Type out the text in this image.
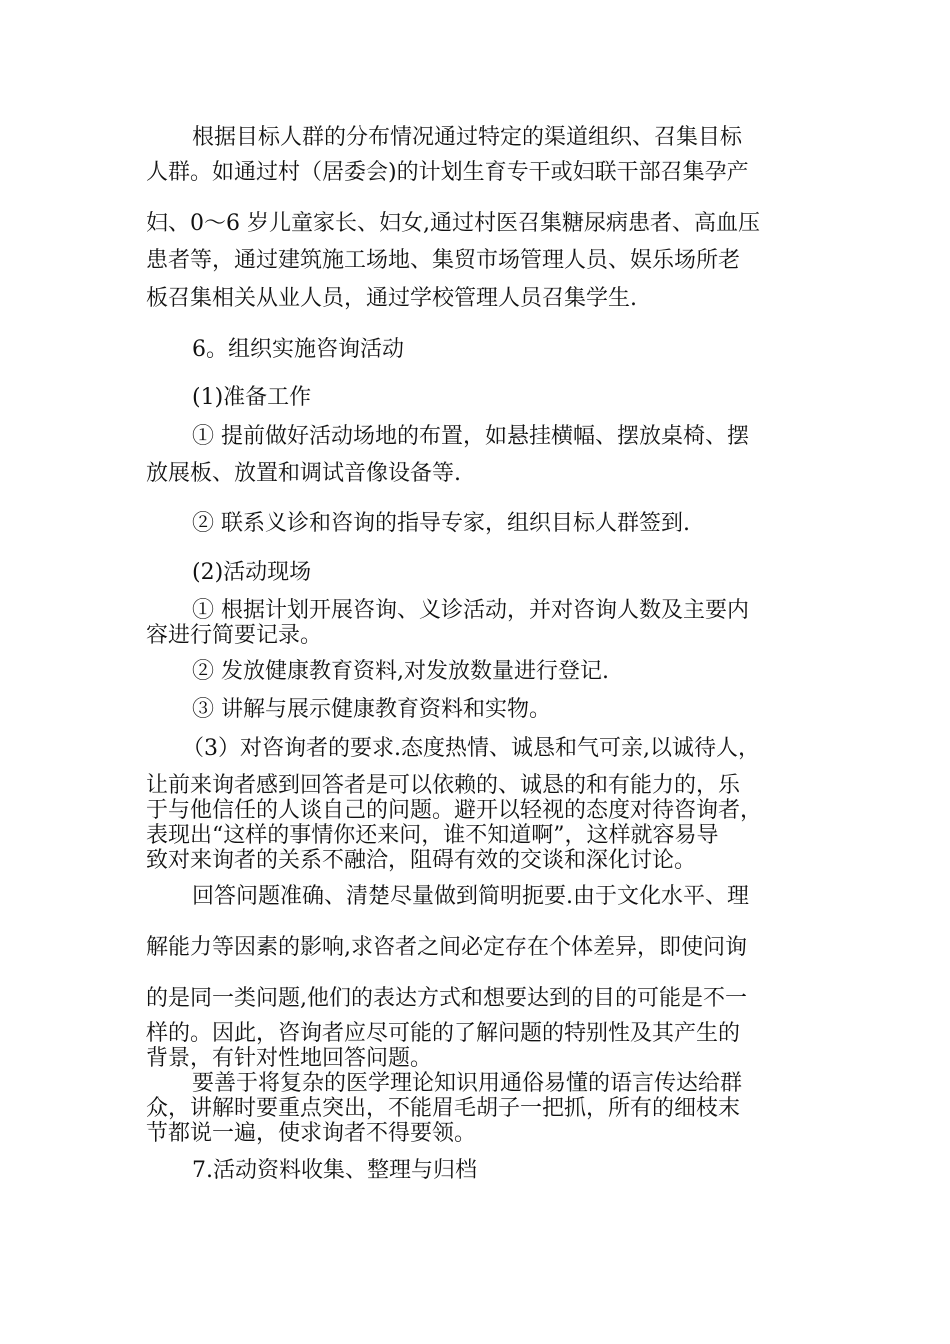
根据目标人群的分布情况通过特定的渠道组织、召集目标
人群。如通过村（居委会)的计划生育专干或妇联干部召集孕产
妇、0～6 岁儿童家长、妇女,通过村医召集糖尿病患者、高血压
患者等，通过建筑施工场地、集贸市场管理人员、娱乐场所老
板召集相关从业人员，通过学校管理人员召集学生.
6。组织实施咨询活动
(1)准备工作
① 提前做好活动场地的布置，如悬挂横幅、摆放桌椅、摆
放展板、放置和调试音像设备等.
② 联系义诊和咨询的指导专家，组织目标人群签到.
(2)活动现场
① 根据计划开展咨询、义诊活动，并对咨询人数及主要内
容进行简要记录。
② 发放健康教育资料,对发放数量进行登记.
③ 讲解与展示健康教育资料和实物。
（3）对咨询者的要求.态度热情、诚恳和气可亲,以诚待人，
让前来询者感到回答者是可以依赖的、诚恳的和有能力的，乐
于与他信任的人谈自己的问题。避开以轻视的态度对待咨询者，
表现出“这样的事情你还来问，谁不知道啊”，这样就容易导
致对来询者的关系不融洽，阻碍有效的交谈和深化讨论。
回答问题准确、清楚尽量做到简明扼要.由于文化水平、理
解能力等因素的影响,求咨者之间必定存在个体差异，即使问询
的是同一类问题,他们的表达方式和想要达到的目的可能是不一
样的。因此，咨询者应尽可能的了解问题的特别性及其产生的
背景，有针对性地回答问题。
要善于将复杂的医学理论知识用通俗易懂的语言传达给群
众，讲解时要重点突出，不能眉毛胡子一把抓，所有的细枝末
节都说一遍，使求询者不得要领。
7.活动资料收集、整理与归档
